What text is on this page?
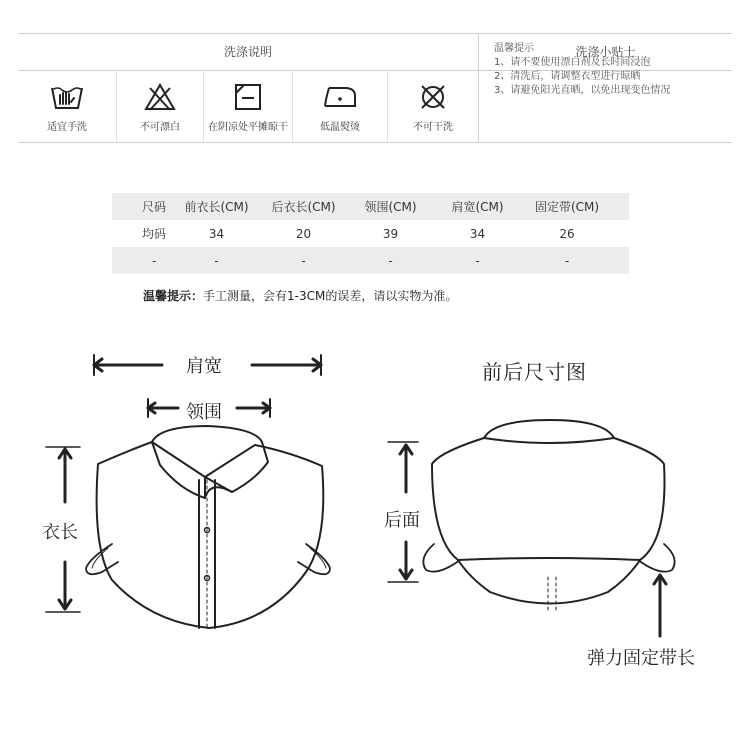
洗涤说明	洗涤小贴士
适宜手洗	不可漂白	在阴凉处平摊晾干	低温熨烫	不可干洗
温馨提示
1、请不要使用漂白剂及长时间浸泡
2、清洗后，请调整衣型进行晾晒
3、请避免阳光直晒，以免出现变色情况
尺码	前衣长(CM)	后衣长(CM)	领围(CM)	肩宽(CM)	固定带(CM)
均码	34	20	39	34	26
-	-	-	-	-	-
温馨提示：手工测量，会有1-3CM的误差，请以实物为准。
肩宽
领围
衣长
前后尺寸图
后面
弹力固定带长
